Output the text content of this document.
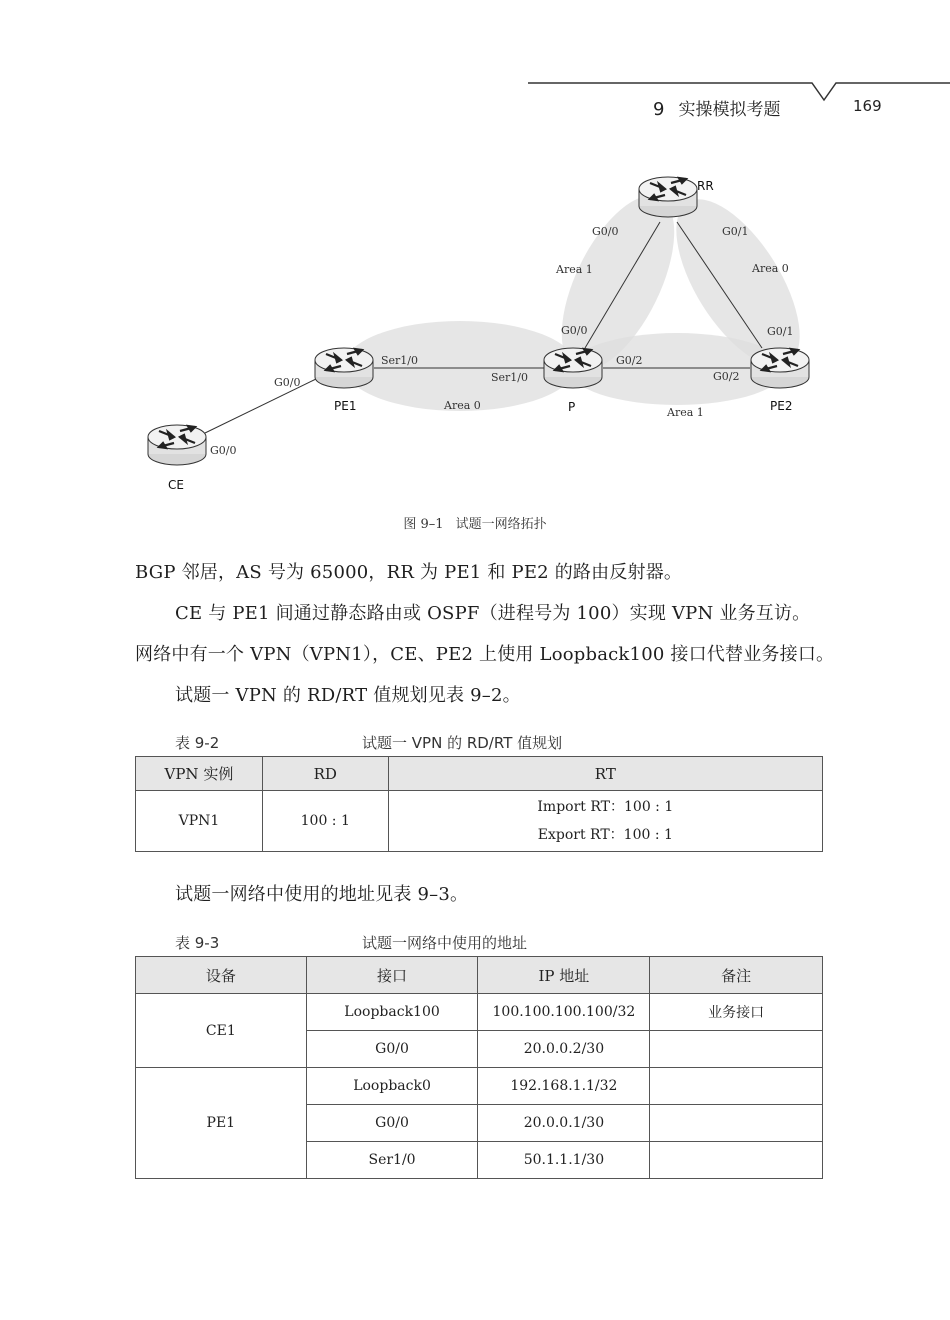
9 实操模拟考题	169
RR
P
PE1	PE2
CE
G0/0	G0/1
G0/0
G0/2
Ser1/0
Ser1/0
G0/0
G0/1
G0/2
G0/0
Area 1	Area 0
Area 0
Area 1
图 9–1 试题一网络拓扑
BGP 邻居，AS 号为 65000，RR 为 PE1 和 PE2 的路由反射器。
CE 与 PE1 间通过静态路由或 OSPF（进程号为 100）实现 VPN 业务互访。
网络中有一个 VPN（VPN1），CE、PE2 上使用 Loopback100 接口代替业务接口。
试题一 VPN 的 RD/RT 值规划见表 9–2。
表 9-2	试题一 VPN 的 RD/RT 值规划
VPN 实例	RD	RT
VPN1	100 : 1	Import RT：100 : 1
Export RT：100 : 1
试题一网络中使用的地址见表 9–3。
表 9-3	试题一网络中使用的地址
设备	接口	IP 地址	备注
CE1	Loopback100	100.100.100.100/32	业务接口
	G0/0	20.0.0.2/30	
PE1	Loopback0	192.168.1.1/32	
	G0/0	20.0.0.1/30	
	Ser1/0	50.1.1.1/30	
